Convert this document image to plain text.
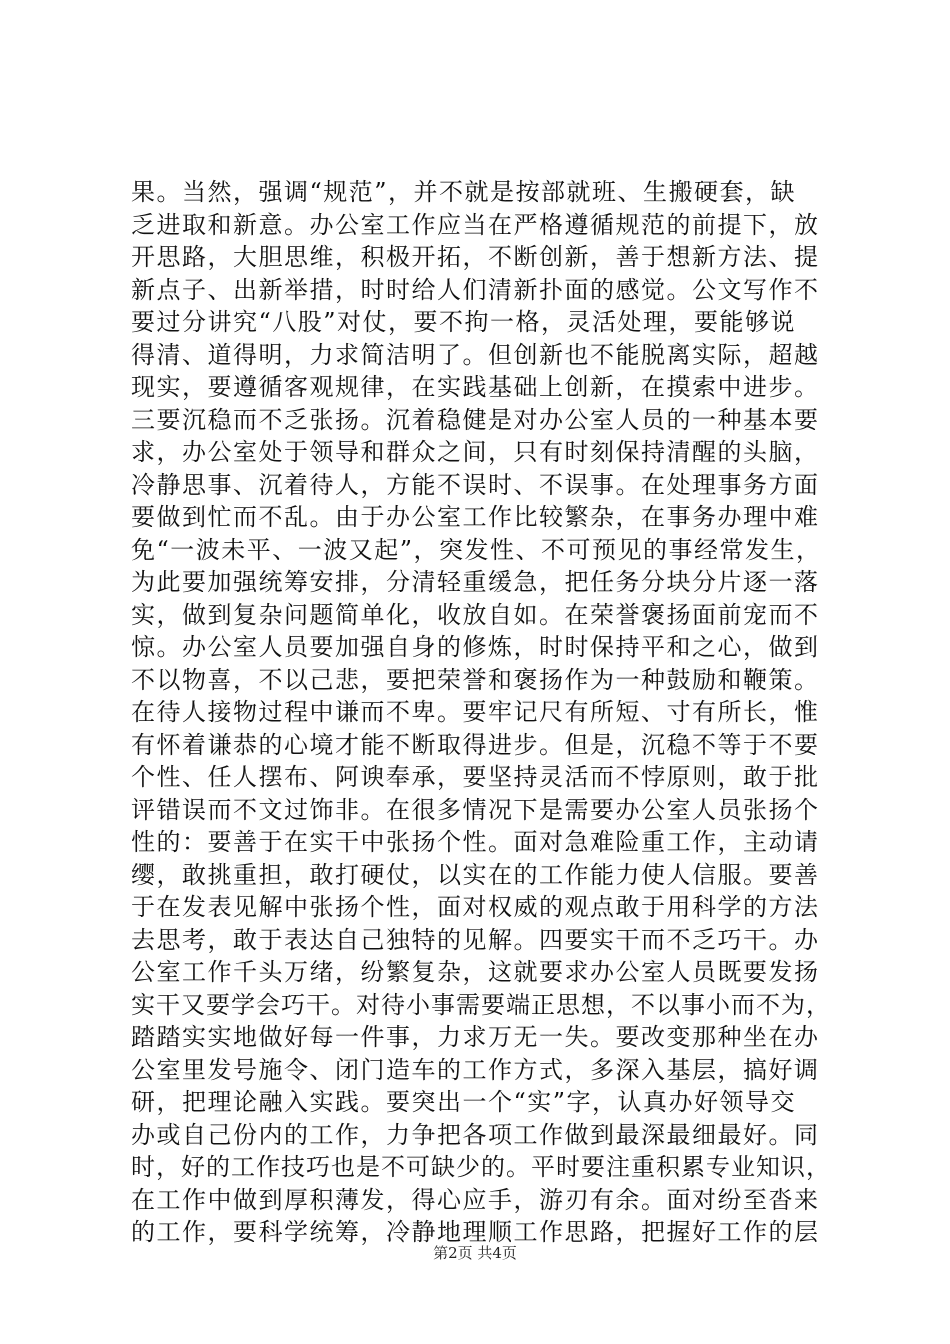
果。当然，强调“规范”，并不就是按部就班、生搬硬套，缺
乏进取和新意。办公室工作应当在严格遵循规范的前提下，放
开思路，大胆思维，积极开拓，不断创新，善于想新方法、提
新点子、出新举措，时时给人们清新扑面的感觉。公文写作不
要过分讲究“八股”对仗，要不拘一格，灵活处理，要能够说
得清、道得明，力求简洁明了。但创新也不能脱离实际，超越
现实，要遵循客观规律，在实践基础上创新，在摸索中进步。
三要沉稳而不乏张扬。沉着稳健是对办公室人员的一种基本要
求，办公室处于领导和群众之间，只有时刻保持清醒的头脑，
冷静思事、沉着待人，方能不误时、不误事。在处理事务方面
要做到忙而不乱。由于办公室工作比较繁杂，在事务办理中难
免“一波未平、一波又起”，突发性、不可预见的事经常发生，
为此要加强统筹安排，分清轻重缓急，把任务分块分片逐一落
实，做到复杂问题简单化，收放自如。在荣誉褒扬面前宠而不
惊。办公室人员要加强自身的修炼，时时保持平和之心，做到
不以物喜，不以己悲，要把荣誉和褒扬作为一种鼓励和鞭策。
在待人接物过程中谦而不卑。要牢记尺有所短、寸有所长，惟
有怀着谦恭的心境才能不断取得进步。但是，沉稳不等于不要
个性、任人摆布、阿谀奉承，要坚持灵活而不悖原则，敢于批
评错误而不文过饰非。在很多情况下是需要办公室人员张扬个
性的：要善于在实干中张扬个性。面对急难险重工作，主动请
缨，敢挑重担，敢打硬仗，以实在的工作能力使人信服。要善
于在发表见解中张扬个性，面对权威的观点敢于用科学的方法
去思考，敢于表达自己独特的见解。四要实干而不乏巧干。办
公室工作千头万绪，纷繁复杂，这就要求办公室人员既要发扬
实干又要学会巧干。对待小事需要端正思想，不以事小而不为，
踏踏实实地做好每一件事，力求万无一失。要改变那种坐在办
公室里发号施令、闭门造车的工作方式，多深入基层，搞好调
研，把理论融入实践。要突出一个“实”字，认真办好领导交
办或自己份内的工作，力争把各项工作做到最深最细最好。同
时，好的工作技巧也是不可缺少的。平时要注重积累专业知识，
在工作中做到厚积薄发，得心应手，游刃有余。面对纷至沓来
的工作，要科学统筹，冷静地理顺工作思路，把握好工作的层
第2页 共4页
